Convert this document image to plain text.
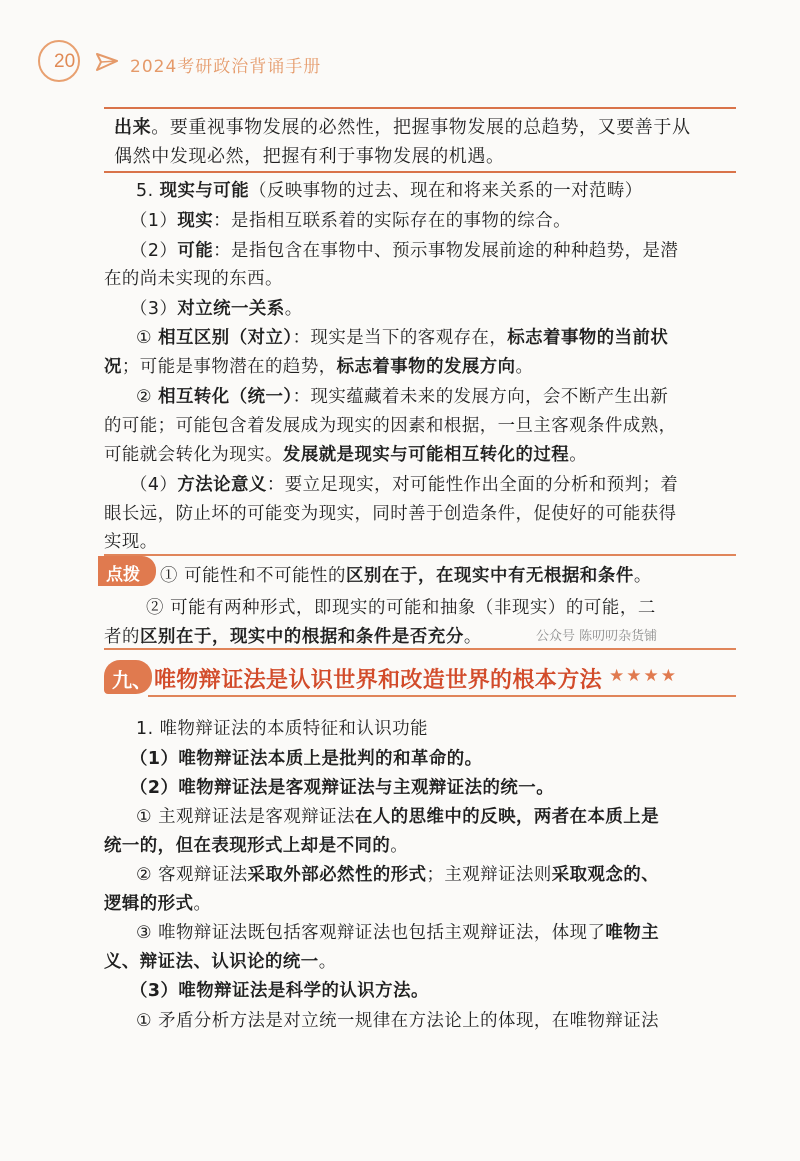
20	2024考研政治背诵手册
出来。要重视事物发展的必然性，把握事物发展的总趋势，又要善于从
偶然中发现必然，把握有利于事物发展的机遇。
5. 现实与可能（反映事物的过去、现在和将来关系的一对范畴）
（1）现实：是指相互联系着的实际存在的事物的综合。
（2）可能：是指包含在事物中、预示事物发展前途的种种趋势，是潜
在的尚未实现的东西。
（3）对立统一关系。
① 相互区别（对立）：现实是当下的客观存在，标志着事物的当前状
况；可能是事物潜在的趋势，标志着事物的发展方向。
② 相互转化（统一）：现实蕴藏着未来的发展方向，会不断产生出新
的可能；可能包含着发展成为现实的因素和根据，一旦主客观条件成熟，
可能就会转化为现实。发展就是现实与可能相互转化的过程。
（4）方法论意义：要立足现实，对可能性作出全面的分析和预判；着
眼长远，防止坏的可能变为现实，同时善于创造条件，促使好的可能获得
实现。
点拨 ① 可能性和不可能性的区别在于，在现实中有无根据和条件。
② 可能有两种形式，即现实的可能和抽象（非现实）的可能，二
者的区别在于，现实中的根据和条件是否充分。	公众号 陈叨叨杂货铺
九、 唯物辩证法是认识世界和改造世界的根本方法 ★★★★
1. 唯物辩证法的本质特征和认识功能
（1）唯物辩证法本质上是批判的和革命的。
（2）唯物辩证法是客观辩证法与主观辩证法的统一。
① 主观辩证法是客观辩证法在人的思维中的反映，两者在本质上是
统一的，但在表现形式上却是不同的。
② 客观辩证法采取外部必然性的形式；主观辩证法则采取观念的、
逻辑的形式。
③ 唯物辩证法既包括客观辩证法也包括主观辩证法，体现了唯物主
义、辩证法、认识论的统一。
（3）唯物辩证法是科学的认识方法。
① 矛盾分析方法是对立统一规律在方法论上的体现，在唯物辩证法
